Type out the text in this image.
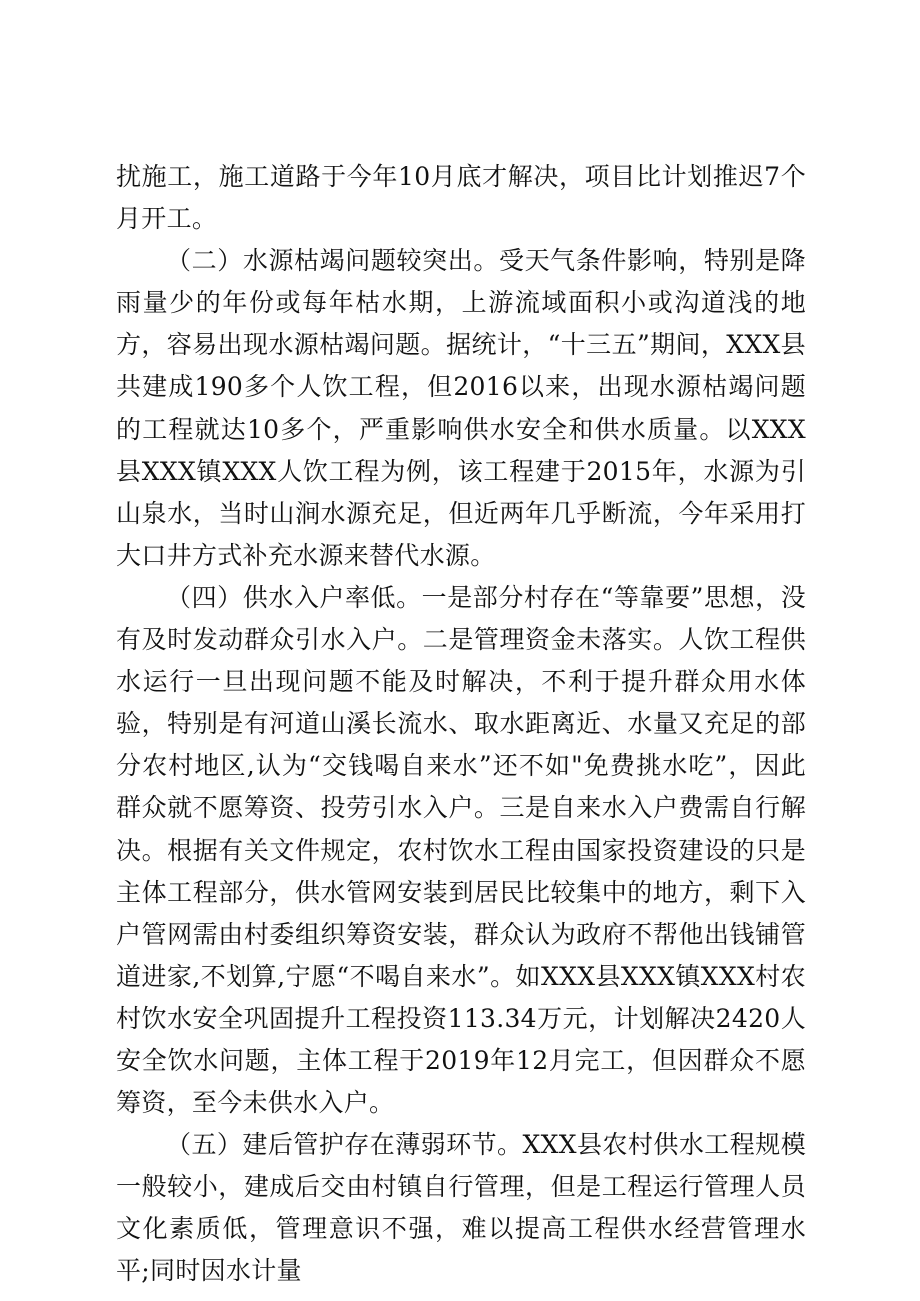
扰施工，施工道路于今年10月底才解决，项目比计划推迟7个月开工。

（二）水源枯竭问题较突出。受天气条件影响，特别是降雨量少的年份或每年枯水期，上游流域面积小或沟道浅的地方，容易出现水源枯竭问题。据统计，“十三五”期间，XXX县共建成190多个人饮工程，但2016以来，出现水源枯竭问题的工程就达10多个，严重影响供水安全和供水质量。以XXX县XXX镇XXX人饮工程为例，该工程建于2015年，水源为引山泉水，当时山涧水源充足，但近两年几乎断流，今年采用打大口井方式补充水源来替代水源。

（四）供水入户率低。一是部分村存在“等靠要”思想，没有及时发动群众引水入户。二是管理资金未落实。人饮工程供水运行一旦出现问题不能及时解决，不利于提升群众用水体验，特别是有河道山溪长流水、取水距离近、水量又充足的部分农村地区,认为“交钱喝自来水”还不如"免费挑水吃”，因此群众就不愿筹资、投劳引水入户。三是自来水入户费需自行解决。根据有关文件规定，农村饮水工程由国家投资建设的只是主体工程部分，供水管网安装到居民比较集中的地方，剩下入户管网需由村委组织筹资安装，群众认为政府不帮他出钱铺管道进家,不划算,宁愿“不喝自来水”。如XXX县XXX镇XXX村农村饮水安全巩固提升工程投资113.34万元，计划解决2420人安全饮水问题，主体工程于2019年12月完工，但因群众不愿筹资，至今未供水入户。

（五）建后管护存在薄弱环节。XXX县农村供水工程规模一般较小，建成后交由村镇自行管理，但是工程运行管理人员文化素质低，管理意识不强，难以提高工程供水经营管理水平;同时因水计量
